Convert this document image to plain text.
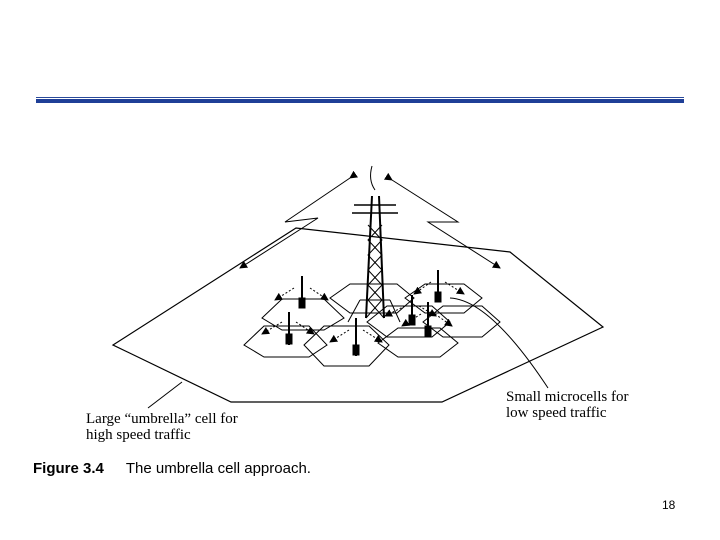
Large “umbrella” cell for
high speed traffic
Small microcells for
low speed traffic
Figure 3.4 The umbrella cell approach.
18
